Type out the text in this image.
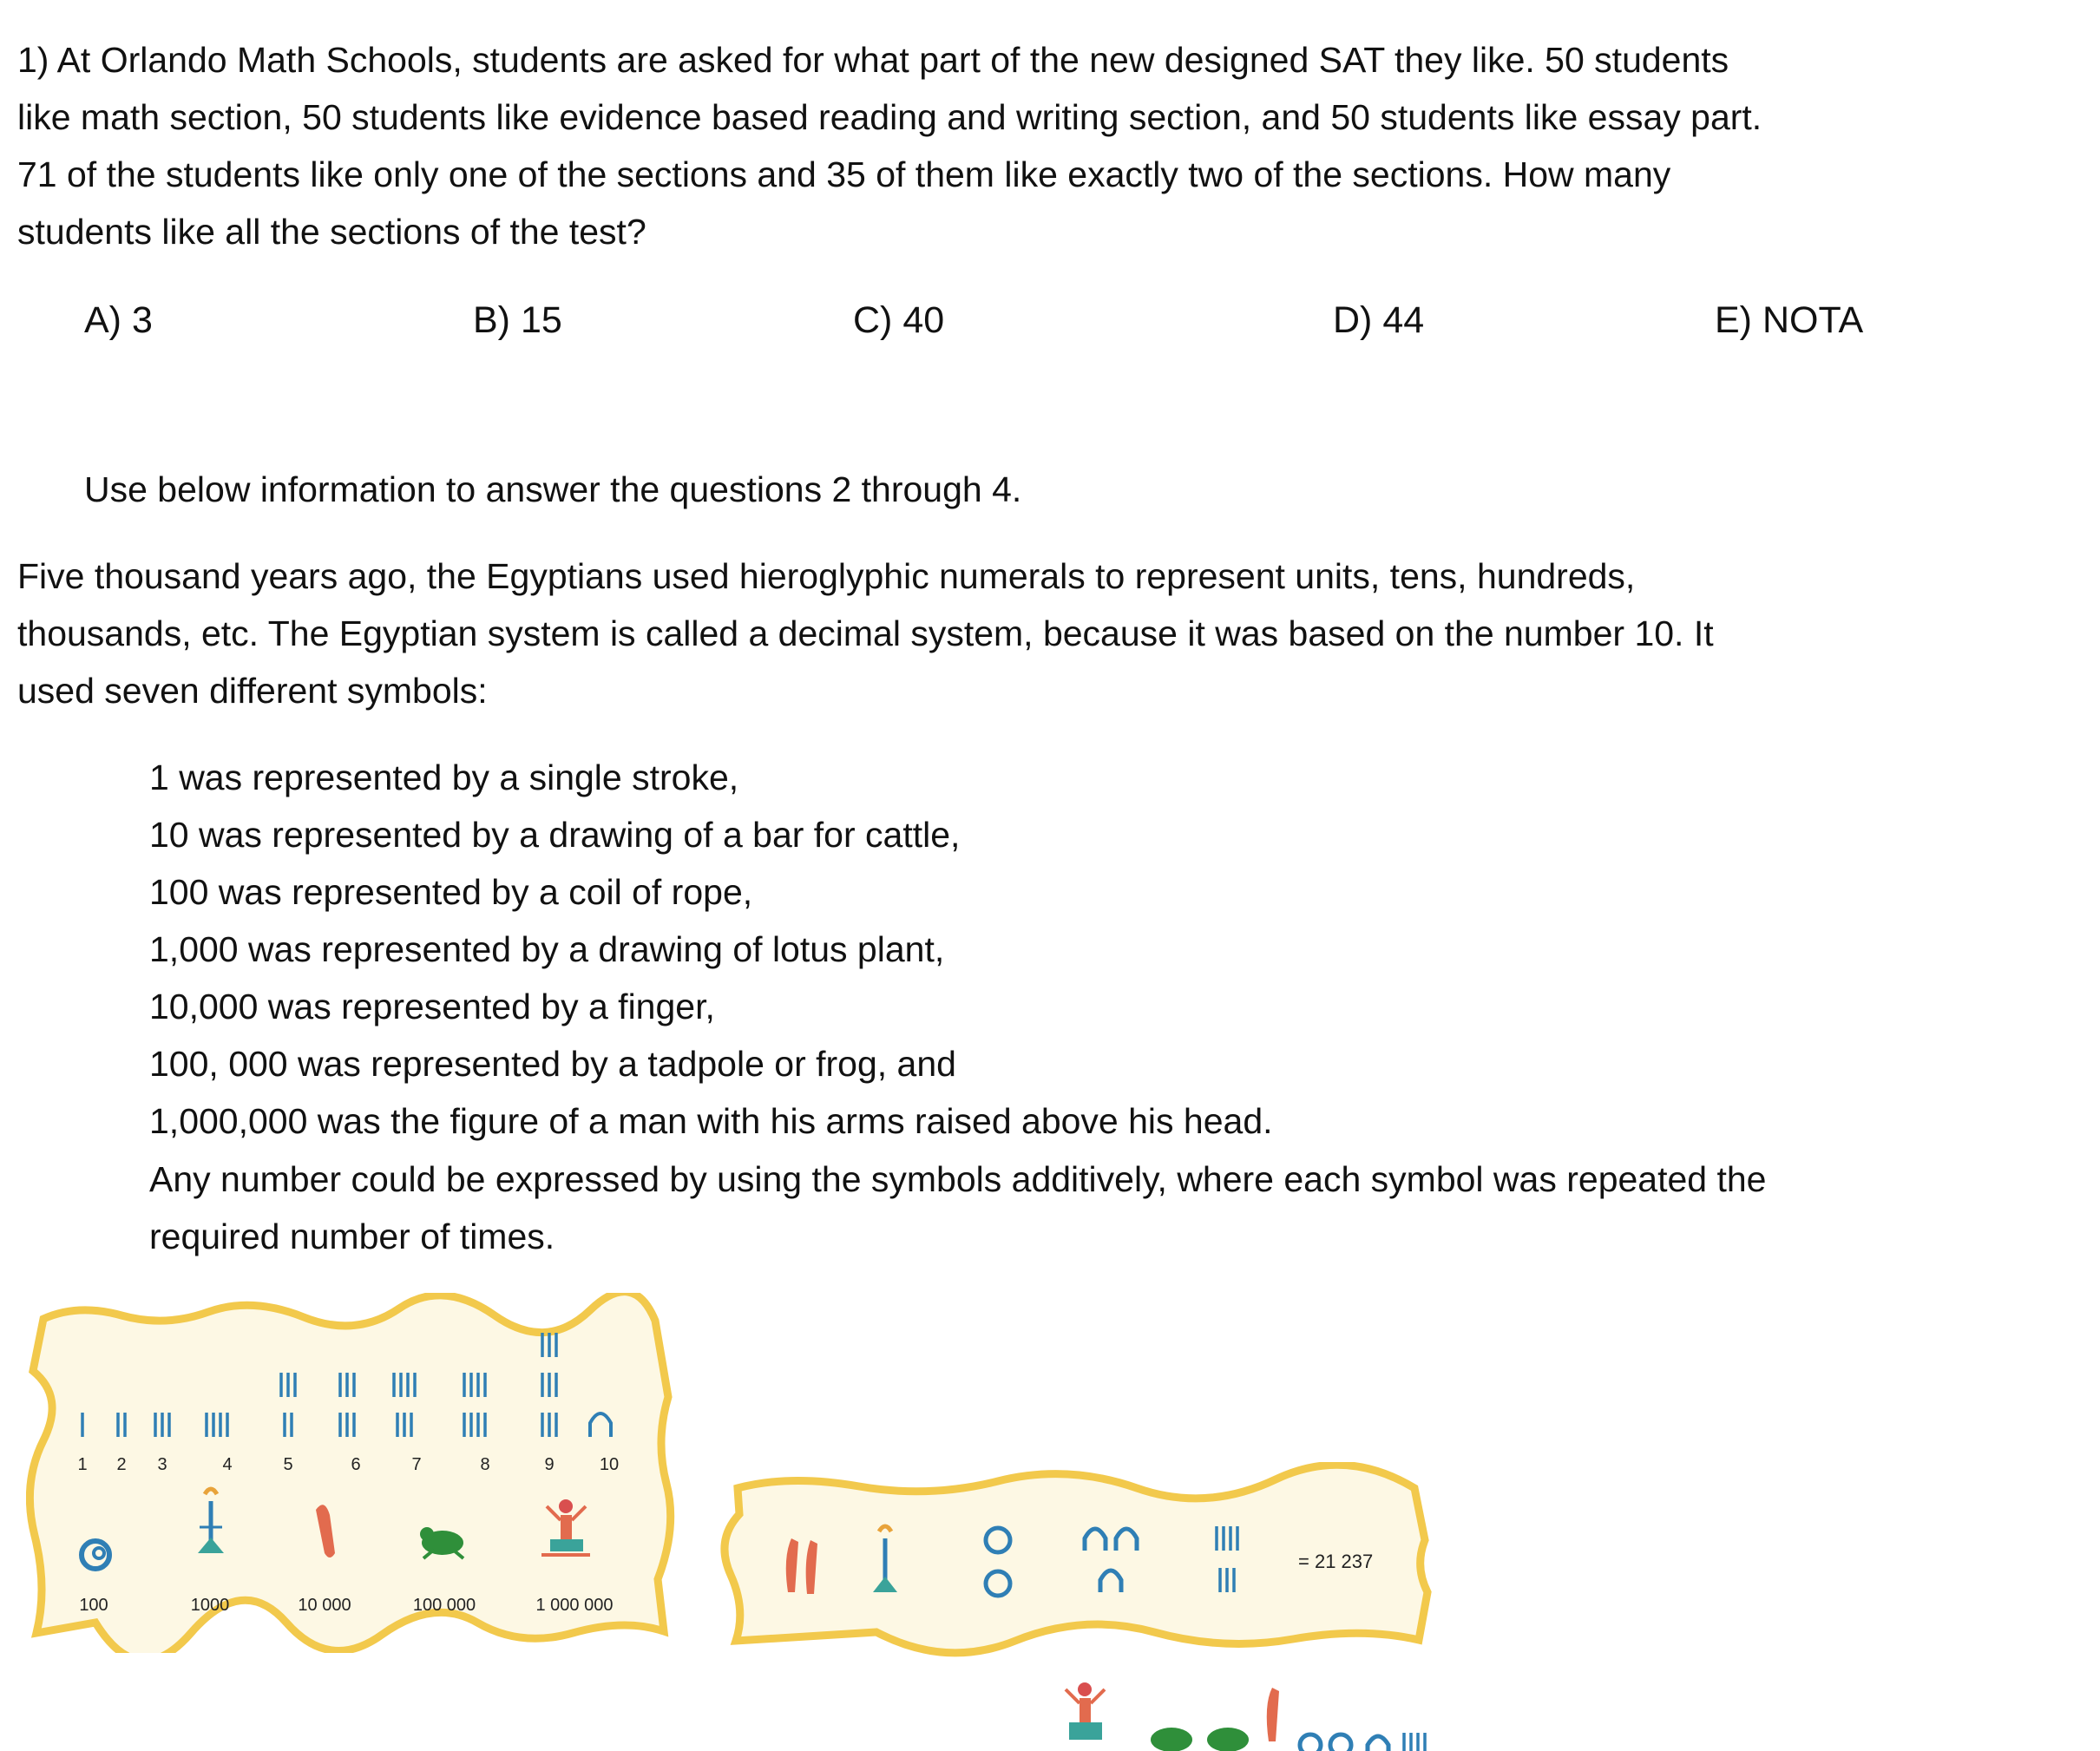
1) At Orlando Math Schools, students are asked for what part of the new designed SAT they like. 50 students
like math section, 50 students like evidence based reading and writing section, and 50 students like essay part.
71 of the students like only one of the sections and 35 of them like exactly two of the sections. How many
students like all the sections of the test?
A) 3	B) 15	C) 40	D) 44	E) NOTA
Use below information to answer the questions 2 through 4.
Five thousand years ago, the Egyptians used hieroglyphic numerals to represent units, tens, hundreds,
thousands, etc. The Egyptian system is called a decimal system, because it was based on the number 10. It
used seven different symbols:
1 was represented by a single stroke,
10 was represented by a drawing of a bar for cattle,
100 was represented by a coil of rope,
1,000 was represented by a drawing of lotus plant,
10,000 was represented by a finger,
100, 000 was represented by a tadpole or frog, and
1,000,000 was the figure of a man with his arms raised above his head.
Any number could be expressed by using the symbols additively, where each symbol was repeated the
required number of times.
1 2 3	4	5	6	7	8	9	10
100	1000	10 000	100 000	1 000 000
= 21 237
